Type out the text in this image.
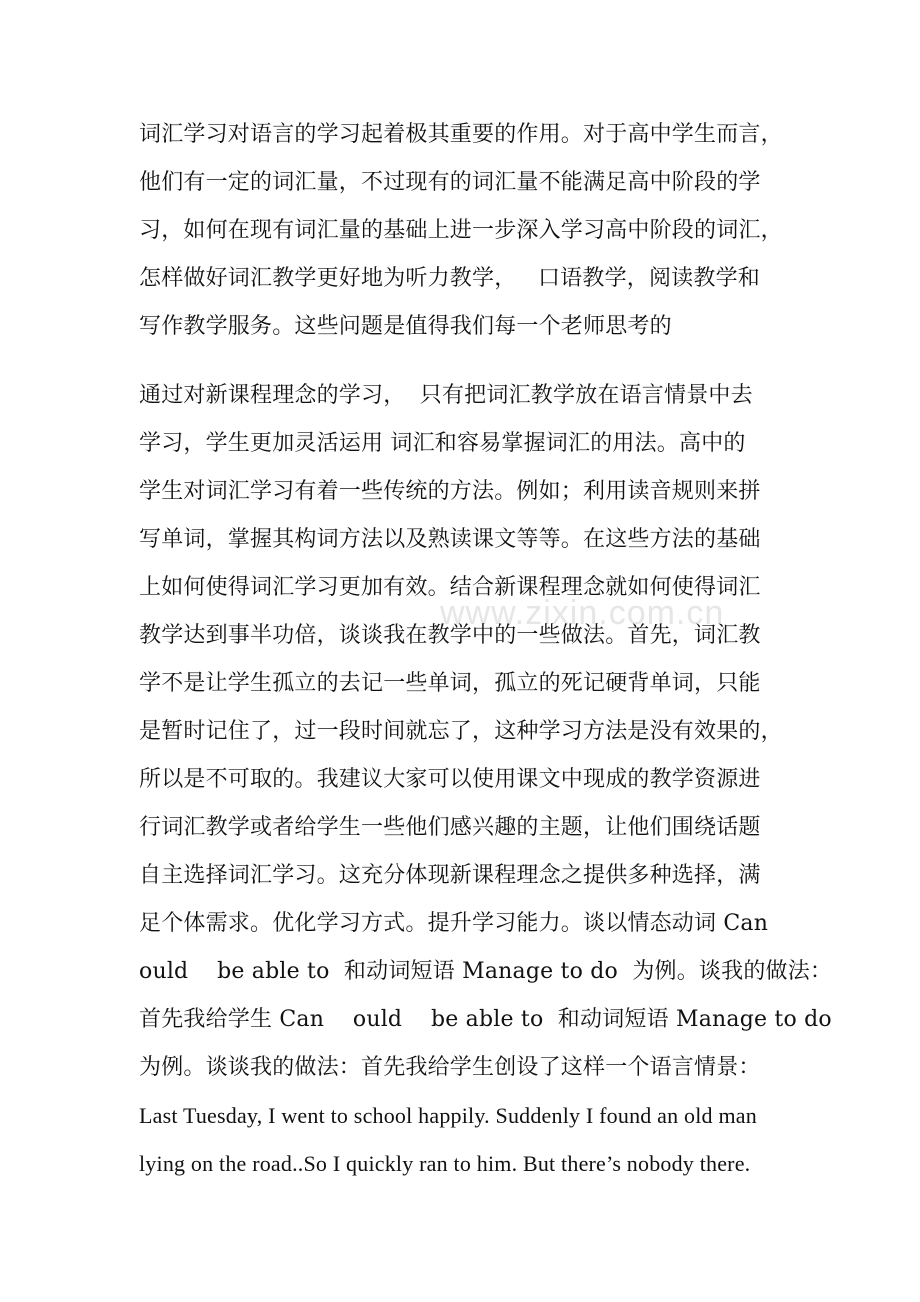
www.zixin.com.cn
词汇学习对语言的学习起着极其重要的作用。对于高中学生而言，
他们有一定的词汇量，不过现有的词汇量不能满足高中阶段的学
习，如何在现有词汇量的基础上进一步深入学习高中阶段的词汇，
怎样做好词汇教学更好地为听力教学，   口语教学，阅读教学和
写作教学服务。这些问题是值得我们每一个老师思考的
通过对新课程理念的学习，  只有把词汇教学放在语言情景中去
学习，学生更加灵活运用 词汇和容易掌握词汇的用法。高中的
学生对词汇学习有着一些传统的方法。例如；利用读音规则来拼
写单词，掌握其构词方法以及熟读课文等等。在这些方法的基础
上如何使得词汇学习更加有效。结合新课程理念就如何使得词汇
教学达到事半功倍，谈谈我在教学中的一些做法。首先，词汇教
学不是让学生孤立的去记一些单词，孤立的死记硬背单词，只能
是暂时记住了，过一段时间就忘了，这种学习方法是没有效果的，
所以是不可取的。我建议大家可以使用课文中现成的教学资源进
行词汇教学或者给学生一些他们感兴趣的主题，让他们围绕话题
自主选择词汇学习。这充分体现新课程理念之提供多种选择，满
足个体需求。优化学习方式。提升学习能力。谈以情态动词 Can
ould    be able to  和动词短语 Manage to do  为例。谈我的做法：
首先我给学生 Can    ould    be able to  和动词短语 Manage to do
为例。谈谈我的做法：首先我给学生创设了这样一个语言情景：
Last Tuesday, I went to school happily. Suddenly I found an old man
lying on the road..So I quickly ran to him. But there’s nobody there.
